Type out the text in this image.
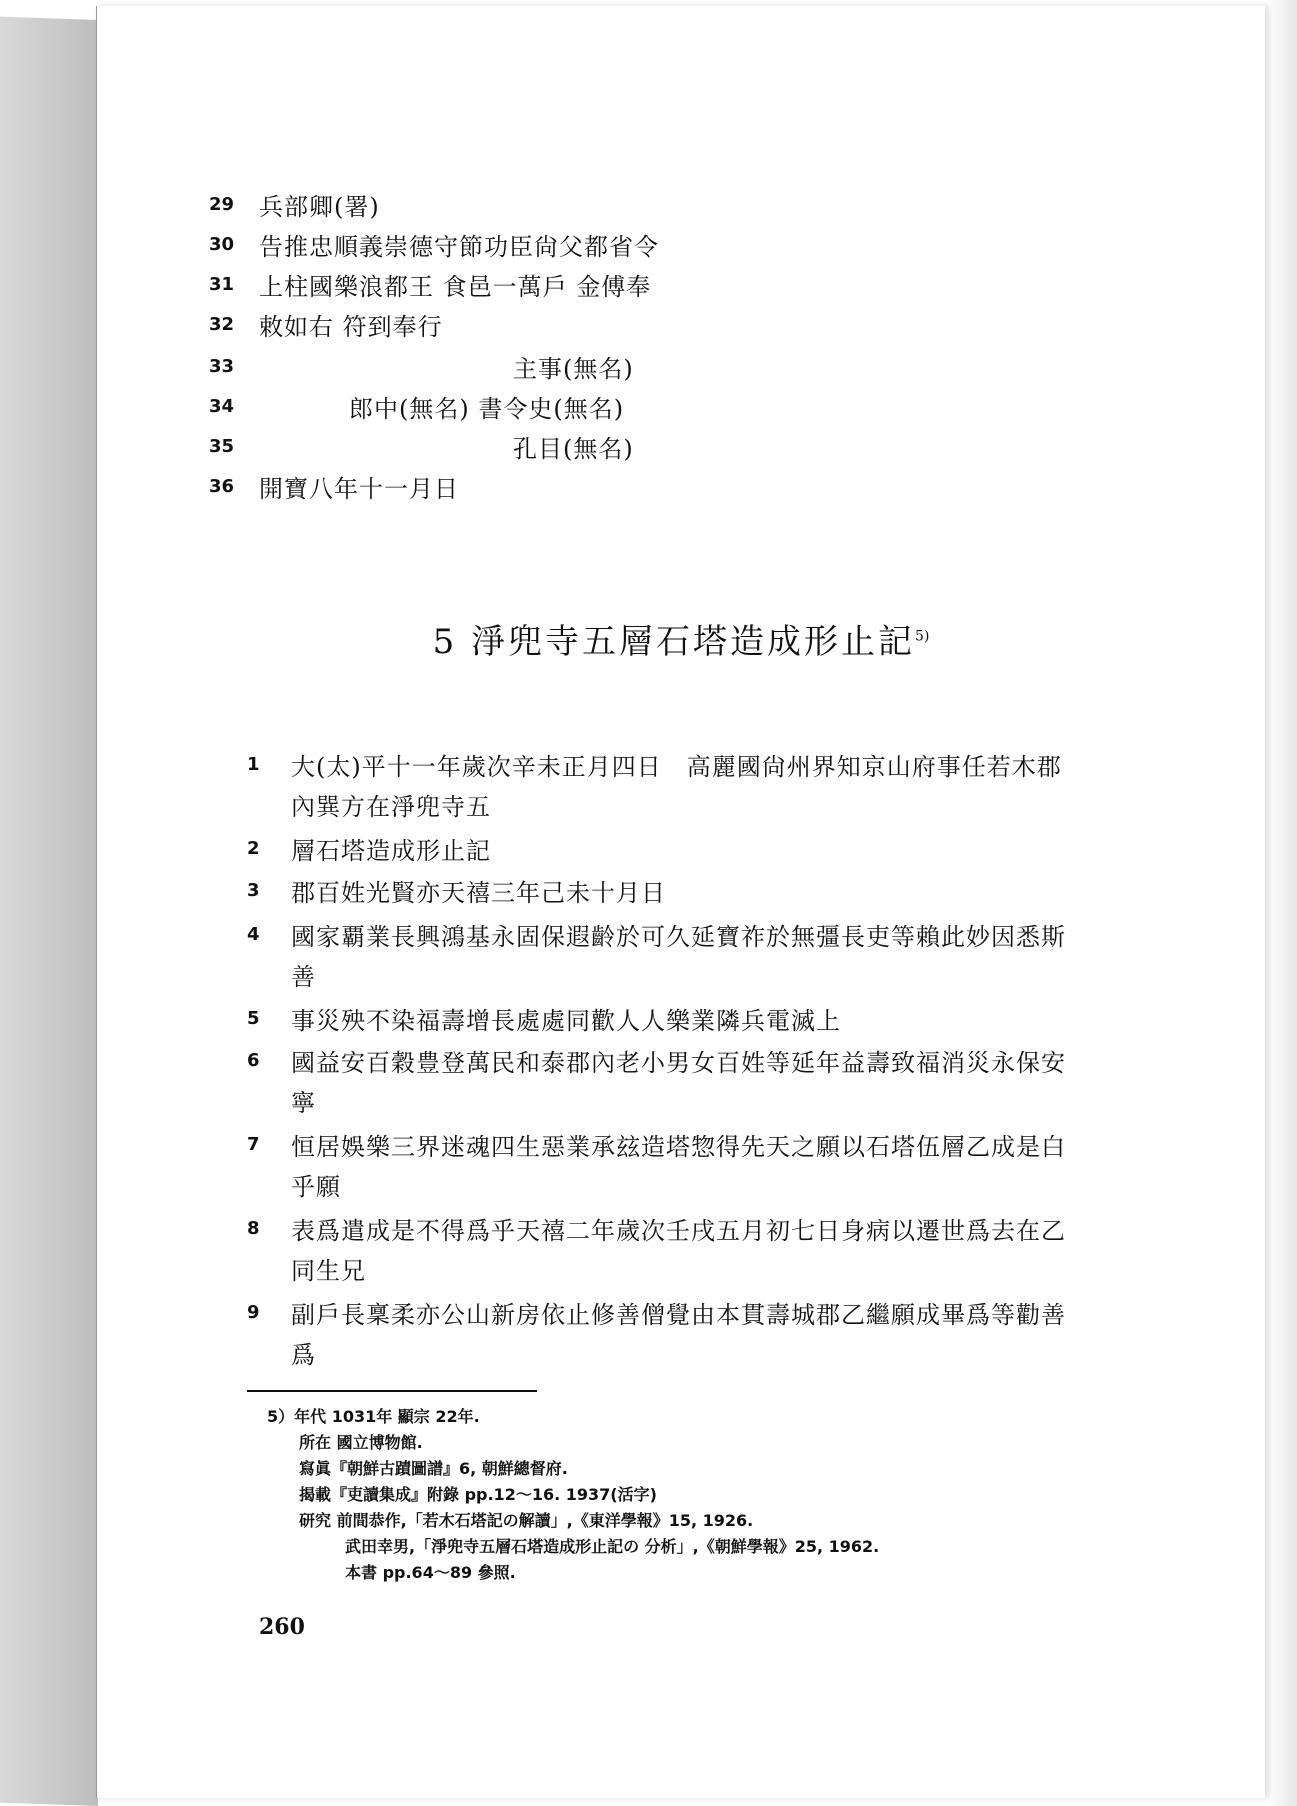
29	兵部卿(署)
30	告推忠順義崇德守節功臣尙父都省令
31	上柱國樂浪都王 食邑一萬戶 金傅奉
32	敕如右 符到奉行
33	主事(無名)
34	郎中(無名) 書令史(無名)
35	孔目(無名)
36	開寶八年十一月日
5 淨兜寺五層石塔造成形止記$^{5)}$
1	大(太)平十一年歲次辛未正月四日　高麗國尙州界知京山府事任若木郡
內巽方在淨兜寺五
2	層石塔造成形止記
3	郡百姓光賢亦天禧三年己未十月日
4	國家覇業長興鴻基永固保遐齡於可久延寶祚於無彊長吏等賴此妙因悉斯
善
5	事災殃不染福壽增長處處同歡人人樂業隣兵電滅上
6	國益安百穀豊登萬民和泰郡內老小男女百姓等延年益壽致福消災永保安
寧
7	恒居娛樂三界迷魂四生惡業承玆造塔惣得先天之願以石塔伍層乙成是白
乎願
8	表爲遣成是不得爲乎天禧二年歲次壬戌五月初七日身病以遷世爲去在乙
同生兄
9	副戶長稟柔亦公山新房依止修善僧覺由本貫壽城郡乙繼願成畢爲等勸善
爲
5）年代 1031年 顯宗 22年.
所在 國立博物館.
寫眞『朝鮮古蹟圖譜』6, 朝鮮總督府.
揭載『吏讀集成』附錄 pp.12～16. 1937(活字)
研究 前間恭作,「若木石塔記の解讀」,《東洋學報》15, 1926.
武田幸男,「淨兜寺五層石塔造成形止記の 分析」,《朝鮮學報》25, 1962.
本書 pp.64～89 參照.
260
